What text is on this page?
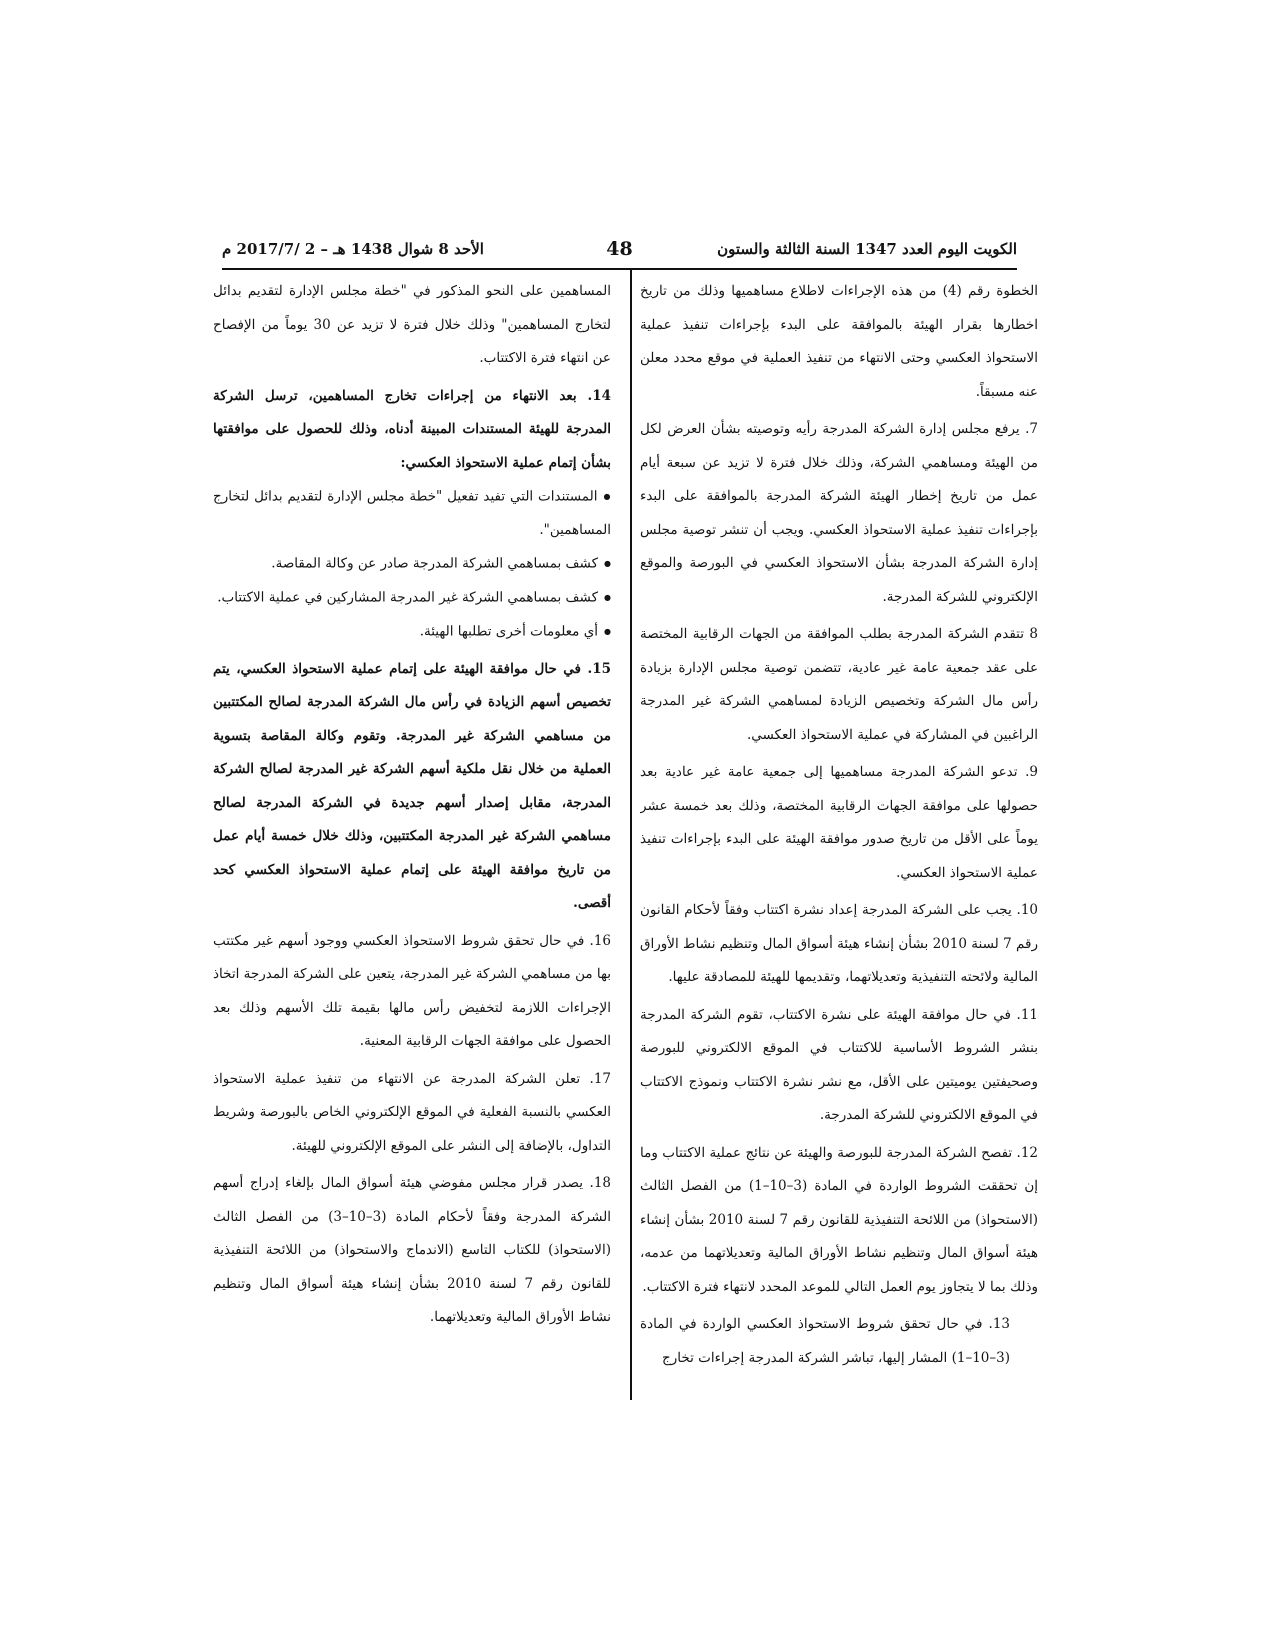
الكويت اليوم العدد 1347 السنة الثالثة والستون
48
الأحد 8 شوال 1438 هـ – 2 /2017/7 م

الخطوة رقم (4) من هذه الإجراءات لاطلاع مساهميها وذلك من تاريخ اخطارها بقرار الهيئة بالموافقة على البدء بإجراءات تنفيذ عملية الاستحواذ العكسي وحتى الانتهاء من تنفيذ العملية في موقع محدد معلن عنه مسبقاً.

7. يرفع مجلس إدارة الشركة المدرجة رأيه وتوصيته بشأن العرض لكل من الهيئة ومساهمي الشركة، وذلك خلال فترة لا تزيد عن سبعة أيام عمل من تاريخ إخطار الهيئة الشركة المدرجة بالموافقة على البدء بإجراءات تنفيذ عملية الاستحواذ العكسي. ويجب أن تنشر توصية مجلس إدارة الشركة المدرجة بشأن الاستحواذ العكسي في البورصة والموقع الإلكتروني للشركة المدرجة.

8 تتقدم الشركة المدرجة بطلب الموافقة من الجهات الرقابية المختصة على عقد جمعية عامة غير عادية، تتضمن توصية مجلس الإدارة بزيادة رأس مال الشركة وتخصيص الزيادة لمساهمي الشركة غير المدرجة الراغبين في المشاركة في عملية الاستحواذ العكسي.

9. تدعو الشركة المدرجة مساهميها إلى جمعية عامة غير عادية بعد حصولها على موافقة الجهات الرقابية المختصة، وذلك بعد خمسة عشر يوماً على الأقل من تاريخ صدور موافقة الهيئة على البدء بإجراءات تنفيذ عملية الاستحواذ العكسي.

10. يجب على الشركة المدرجة إعداد نشرة اكتتاب وفقاً لأحكام القانون رقم 7 لسنة 2010 بشأن إنشاء هيئة أسواق المال وتنظيم نشاط الأوراق المالية ولائحته التنفيذية وتعديلاتهما، وتقديمها للهيئة للمصادقة عليها.

11. في حال موافقة الهيئة على نشرة الاكتتاب، تقوم الشركة المدرجة بنشر الشروط الأساسية للاكتتاب في الموقع الالكتروني للبورصة وصحيفتين يوميتين على الأقل، مع نشر نشرة الاكتتاب ونموذج الاكتتاب في الموقع الالكتروني للشركة المدرجة.

12. تفصح الشركة المدرجة للبورصة والهيئة عن نتائج عملية الاكتتاب وما إن تحققت الشروط الواردة في المادة (3–10–1) من الفصل الثالث (الاستحواذ) من اللائحة التنفيذية للقانون رقم 7 لسنة 2010 بشأن إنشاء هيئة أسواق المال وتنظيم نشاط الأوراق المالية وتعديلاتهما من عدمه، وذلك بما لا يتجاوز يوم العمل التالي للموعد المحدد لانتهاء فترة الاكتتاب.

13. في حال تحقق شروط الاستحواذ العكسي الواردة في المادة (3–10–1) المشار إليها، تباشر الشركة المدرجة إجراءات تخارج

المساهمين على النحو المذكور في "خطة مجلس الإدارة لتقديم بدائل لتخارج المساهمين" وذلك خلال فترة لا تزيد عن 30 يوماً من الإفصاح عن انتهاء فترة الاكتتاب.

14. بعد الانتهاء من إجراءات تخارج المساهمين، ترسل الشركة المدرجة للهيئة المستندات المبينة أدناه، وذلك للحصول على موافقتها بشأن إتمام عملية الاستحواذ العكسي:

● المستندات التي تفيد تفعيل "خطة مجلس الإدارة لتقديم بدائل لتخارج المساهمين".

● كشف بمساهمي الشركة المدرجة صادر عن وكالة المقاصة.

● كشف بمساهمي الشركة غير المدرجة المشاركين في عملية الاكتتاب.

● أي معلومات أخرى تطلبها الهيئة.

15. في حال موافقة الهيئة على إتمام عملية الاستحواذ العكسي، يتم تخصيص أسهم الزيادة في رأس مال الشركة المدرجة لصالح المكتتبين من مساهمي الشركة غير المدرجة. وتقوم وكالة المقاصة بتسوية العملية من خلال نقل ملكية أسهم الشركة غير المدرجة لصالح الشركة المدرجة، مقابل إصدار أسهم جديدة في الشركة المدرجة لصالح مساهمي الشركة غير المدرجة المكتتبين، وذلك خلال خمسة أيام عمل من تاريخ موافقة الهيئة على إتمام عملية الاستحواذ العكسي كحد أقصى.

16. في حال تحقق شروط الاستحواذ العكسي ووجود أسهم غير مكتتب بها من مساهمي الشركة غير المدرجة، يتعين على الشركة المدرجة اتخاذ الإجراءات اللازمة لتخفيض رأس مالها بقيمة تلك الأسهم وذلك بعد الحصول على موافقة الجهات الرقابية المعنية.

17. تعلن الشركة المدرجة عن الانتهاء من تنفيذ عملية الاستحواذ العكسي بالنسبة الفعلية في الموقع الإلكتروني الخاص بالبورصة وشريط التداول، بالإضافة إلى النشر على الموقع الإلكتروني للهيئة.

18. يصدر قرار مجلس مفوضي هيئة أسواق المال بإلغاء إدراج أسهم الشركة المدرجة وفقاً لأحكام المادة (3–10–3) من الفصل الثالث (الاستحواذ) للكتاب التاسع (الاندماج والاستحواذ) من اللائحة التنفيذية للقانون رقم 7 لسنة 2010 بشأن إنشاء هيئة أسواق المال وتنظيم نشاط الأوراق المالية وتعديلاتهما.
